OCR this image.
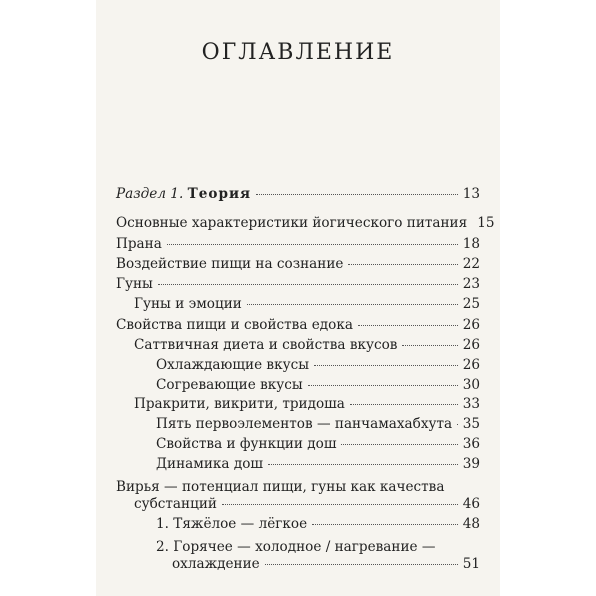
ОГЛАВЛЕНИЕ
Раздел 1. Теория	13
Основные характеристики йогического питания 15
Прана	18
Воздействие пищи на сознание	22
Гуны	23
Гуны и эмоции	25
Свойства пищи и свойства едока	26
Саттвичная диета и свойства вкусов	26
Охлаждающие вкусы	26
Согревающие вкусы	30
Пракрити, викрити, тридоша	33
Пять первоэлементов — панчамахабхута 35
Свойства и функции дош	36
Динамика дош	39
Вирья — потенциал пищи, гуны как качества
субстанций	46
1. Тяжёлое — лёгкое	48
2. Горячее — холодное / нагревание —
охлаждение	51
